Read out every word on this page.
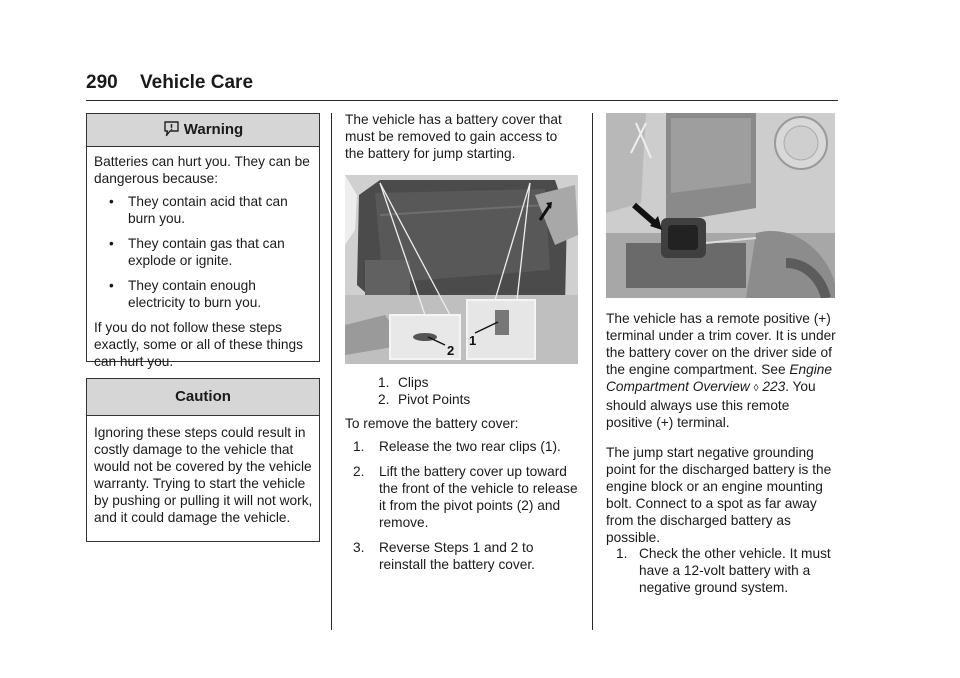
290 Vehicle Care
Warning

Batteries can hurt you. They can be dangerous because:

• They contain acid that can burn you.
• They contain gas that can explode or ignite.
• They contain enough electricity to burn you.

If you do not follow these steps exactly, some or all of these things can hurt you.

Caution

Ignoring these steps could result in costly damage to the vehicle that would not be covered by the vehicle warranty. Trying to start the vehicle by pushing or pulling it will not work, and it could damage the vehicle.

The vehicle has a battery cover that must be removed to gain access to the battery for jump starting.
2
1
1. Clips
2. Pivot Points
To remove the battery cover:
1. Release the two rear clips (1).
2. Lift the battery cover up toward the front of the vehicle to release it from the pivot points (2) and remove.
3. Reverse Steps 1 and 2 to reinstall the battery cover.
The vehicle has a remote positive (+) terminal under a trim cover. It is under the battery cover on the driver side of the engine compartment. See Engine Compartment Overview ◊ 223. You should always use this remote positive (+) terminal.
The jump start negative grounding point for the discharged battery is the engine block or an engine mounting bolt. Connect to a spot as far away from the discharged battery as possible.
1. Check the other vehicle. It must have a 12-volt battery with a negative ground system.
